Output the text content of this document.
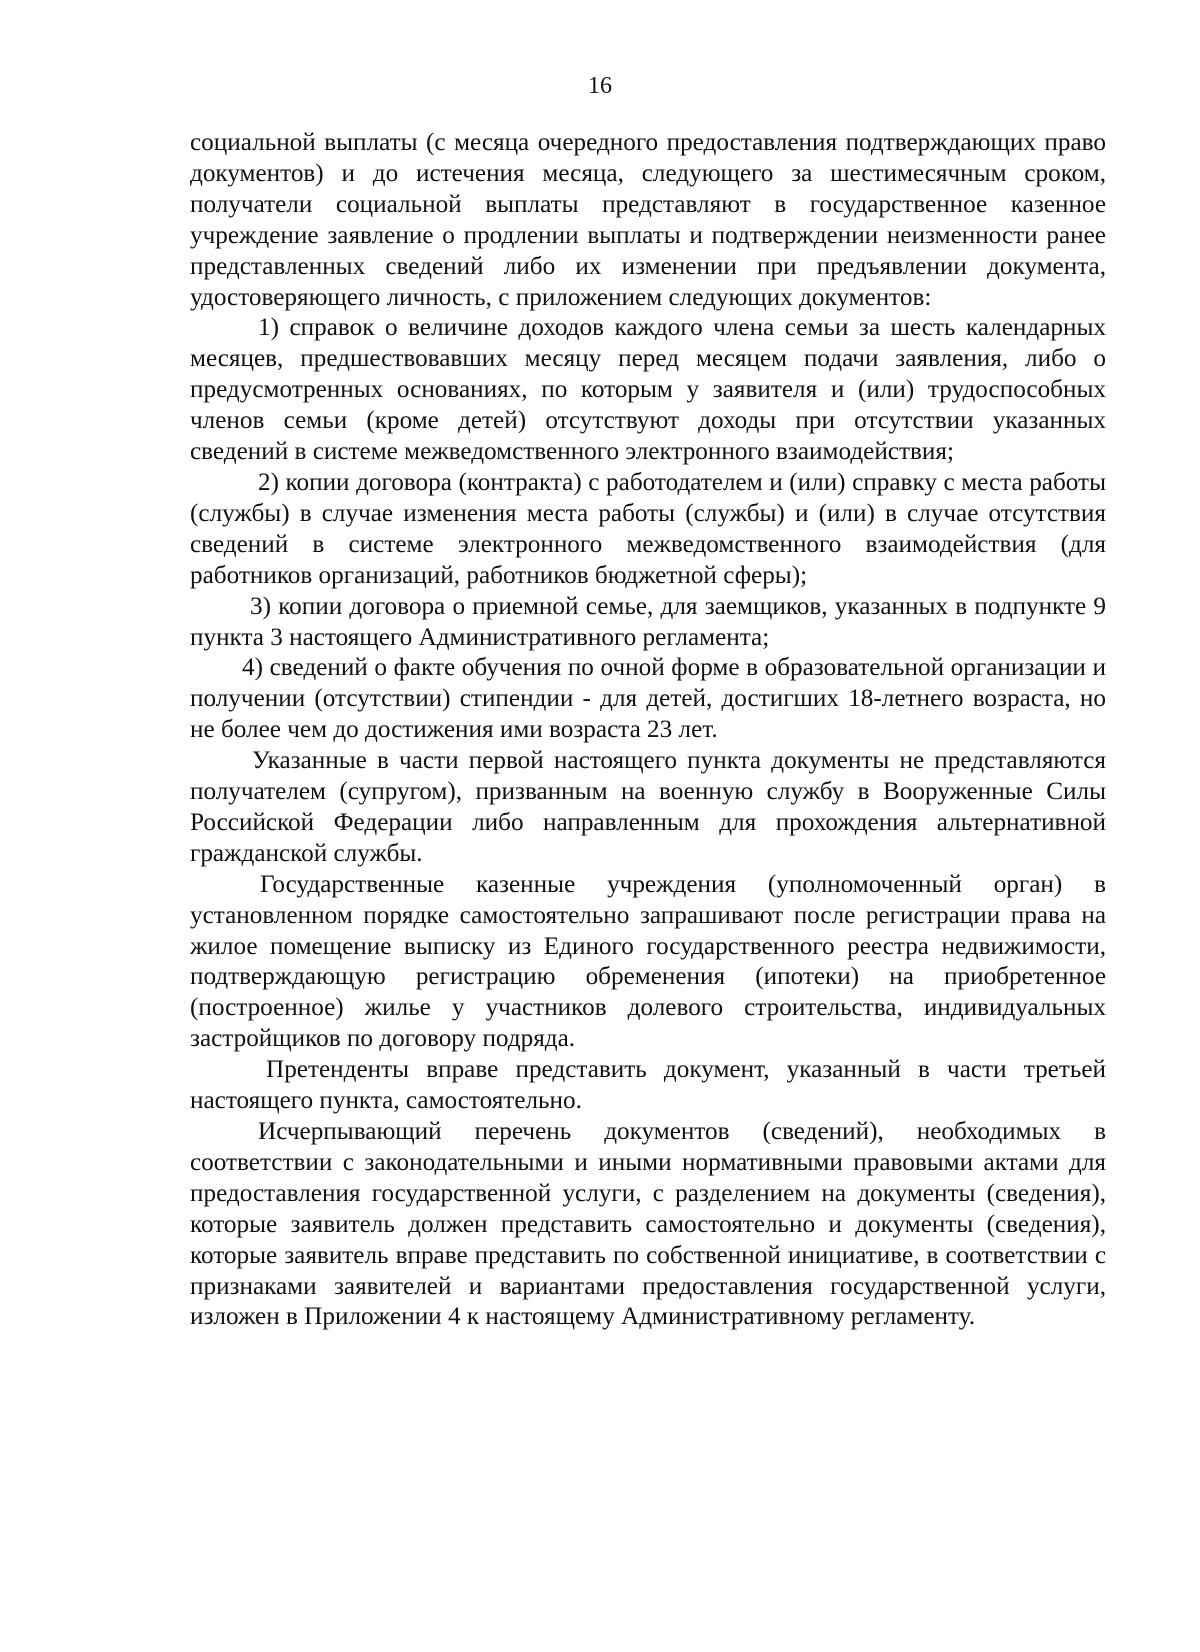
16

социальной выплаты (с месяца очередного предоставления подтверждающих право документов) и до истечения месяца, следующего за шестимесячным сроком, получатели социальной выплаты представляют в государственное казенное учреждение заявление о продлении выплаты и подтверждении неизменности ранее представленных сведений либо их изменении при предъявлении документа, удостоверяющего личность, с приложением следующих документов:

1) справок о величине доходов каждого члена семьи за шесть календарных месяцев, предшествовавших месяцу перед месяцем подачи заявления, либо о предусмотренных основаниях, по которым у заявителя и (или) трудоспособных членов семьи (кроме детей) отсутствуют доходы при отсутствии указанных сведений в системе межведомственного электронного взаимодействия;

2) копии договора (контракта) с работодателем и (или) справку с места работы (службы) в случае изменения места работы (службы) и (или) в случае отсутствия сведений в системе электронного межведомственного взаимодействия (для работников организаций, работников бюджетной сферы);

3) копии договора о приемной семье, для заемщиков, указанных в подпункте 9 пункта 3 настоящего Административного регламента;

4) сведений о факте обучения по очной форме в образовательной организации и получении (отсутствии) стипендии - для детей, достигших 18-летнего возраста, но не более чем до достижения ими возраста 23 лет.

Указанные в части первой настоящего пункта документы не представляются получателем (супругом), призванным на военную службу в Вооруженные Силы Российской Федерации либо направленным для прохождения альтернативной гражданской службы.

Государственные казенные учреждения (уполномоченный орган) в установленном порядке самостоятельно запрашивают после регистрации права на жилое помещение выписку из Единого государственного реестра недвижимости, подтверждающую регистрацию обременения (ипотеки) на приобретенное (построенное) жилье у участников долевого строительства, индивидуальных застройщиков по договору подряда.

Претенденты вправе представить документ, указанный в части третьей настоящего пункта, самостоятельно.

Исчерпывающий перечень документов (сведений), необходимых в соответствии с законодательными и иными нормативными правовыми актами для предоставления государственной услуги, с разделением на документы (сведения), которые заявитель должен представить самостоятельно и документы (сведения), которые заявитель вправе представить по собственной инициативе, в соответствии с признаками заявителей и вариантами предоставления государственной услуги, изложен в Приложении 4 к настоящему Административному регламенту.
